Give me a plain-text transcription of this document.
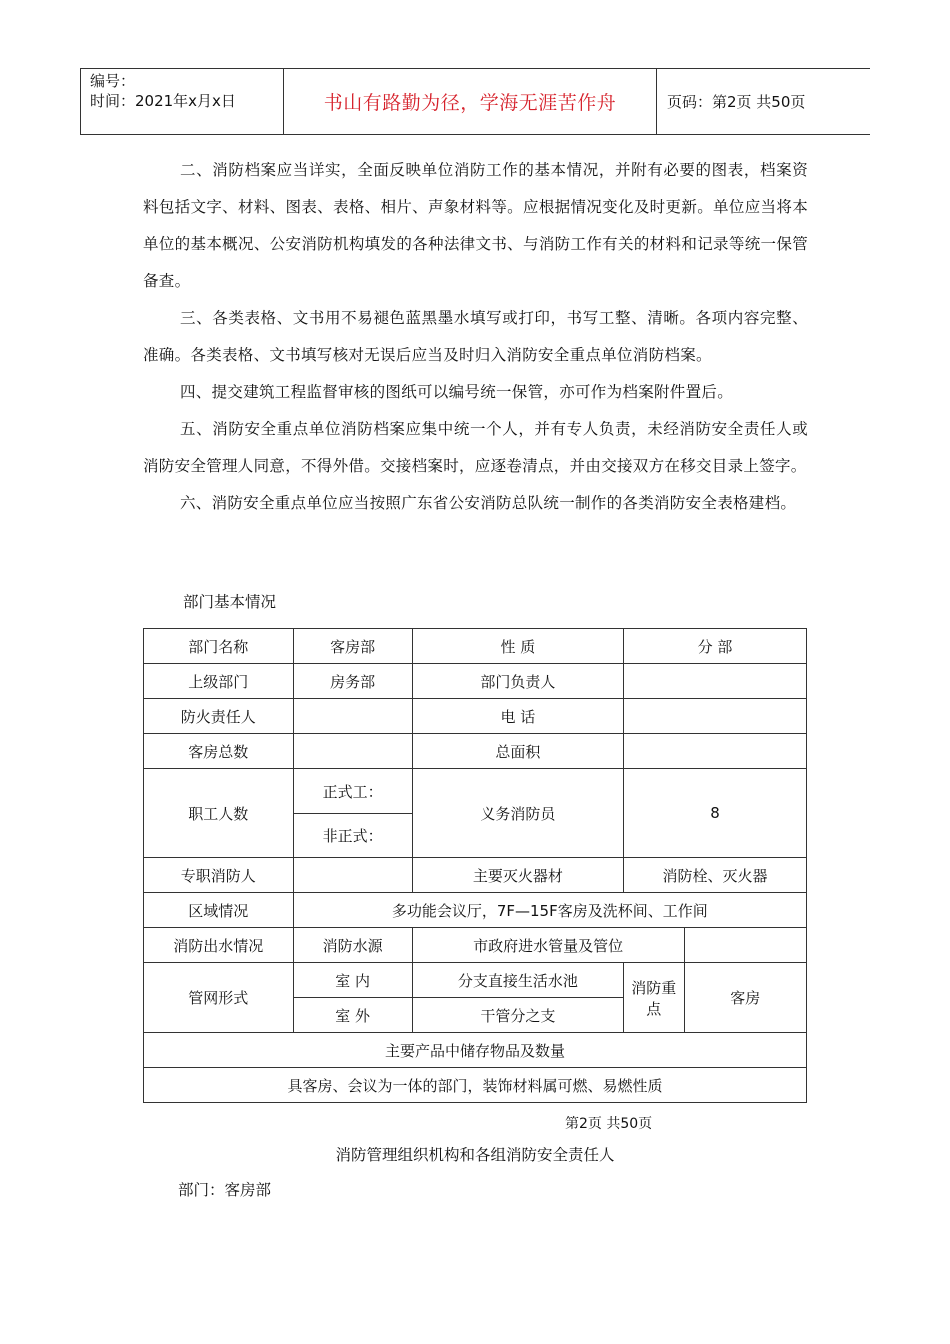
编号：
时间：2021年x月x日	书山有路勤为径，学海无涯苦作舟	页码：第2页 共50页

二、消防档案应当详实，全面反映单位消防工作的基本情况，并附有必要的图表，档案资料包括文字、材料、图表、表格、相片、声象材料等。应根据情况变化及时更新。单位应当将本单位的基本概况、公安消防机构填发的各种法律文书、与消防工作有关的材料和记录等统一保管备查。

三、各类表格、文书用不易褪色蓝黑墨水填写或打印，书写工整、清晰。各项内容完整、准确。各类表格、文书填写核对无误后应当及时归入消防安全重点单位消防档案。

四、提交建筑工程监督审核的图纸可以编号统一保管，亦可作为档案附件置后。

五、消防安全重点单位消防档案应集中统一个人，并有专人负责，未经消防安全责任人或消防安全管理人同意，不得外借。交接档案时，应逐卷清点，并由交接双方在移交目录上签字。

六、消防安全重点单位应当按照广东省公安消防总队统一制作的各类消防安全表格建档。

部门基本情况
部门名称	客房部	性 质	分 部	
上级部门	房务部	部门负责人		
防火责任人		电 话		
客房总数		总面积		
职工人数	正式工：	义务消防员	8	
	非正式：			
专职消防人		主要灭火器材	消防栓、灭火器	
区域情况	多功能会议厅，7F—15F客房及洗杯间、工作间			
消防出水情况	消防水源	市政府进水管量及管位		
管网形式	室 内	分支直接生活水池	消防重点	客房
	室 外	干管分之支		
主要产品中储存物品及数量				
具客房、会议为一体的部门，装饰材料属可燃、易燃性质				
第2页 共50页
消防管理组织机构和各组消防安全责任人
部门：客房部
